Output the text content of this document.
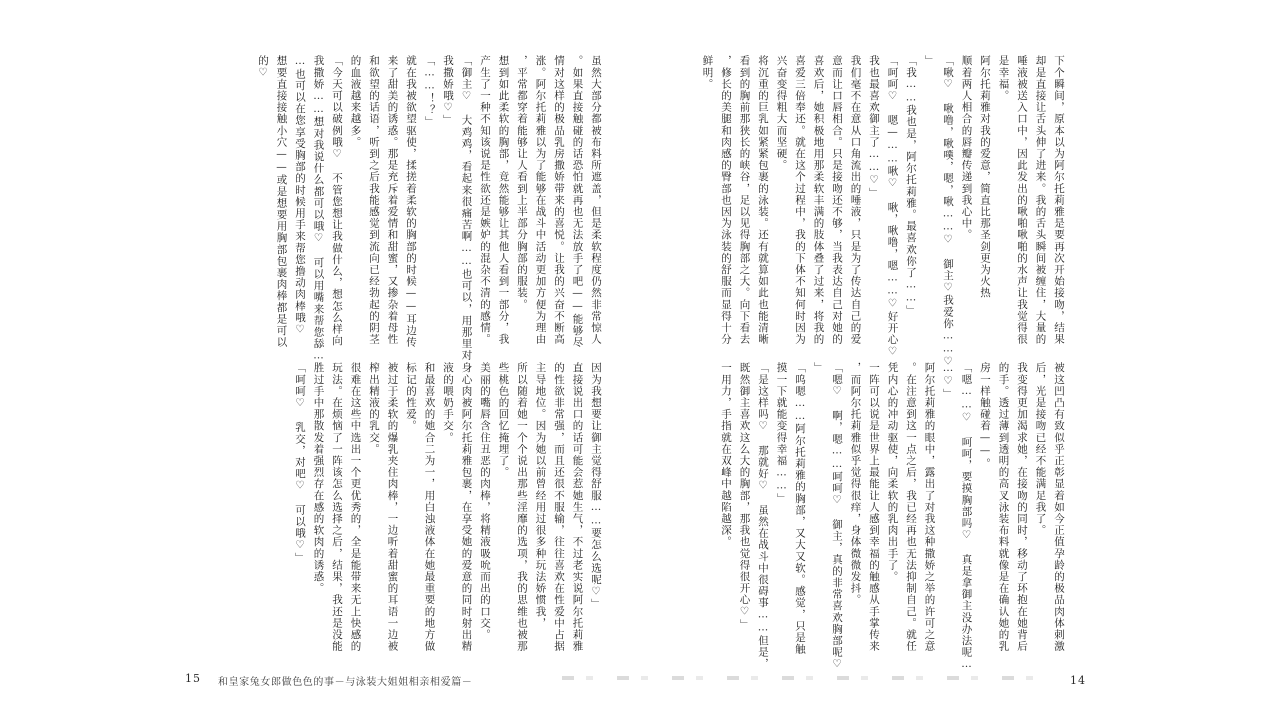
下个瞬间，原本以为阿尔托莉雅是要再次开始接吻，结果
却是直接让舌头伸了进来。我的舌头瞬间被缠住，大量的
唾液被送入口中，因此发出的啾啪啾啪的水声让我觉得很
是幸福。
阿尔托莉雅对我的爱意，简直比那圣剑更为火热
顺着两人相合的唇瓣传递到我心中。
「啾♡　啾噜，啾噗，嗯，啾……♡　御主♡我爱你……♡
」
「我……我也是，阿尔托莉雅。最喜欢你了……」
「呵呵♡　嗯—……啾♡　啾，啾噜，嗯……♡好开心♡
我也最喜欢御主了……♡」
我们毫不在意从口角流出的唾液，只是为了传达自己的爱
意而让口唇相合。只是接吻还不够，当我表达自己对她的
喜欢后，她积极地用那柔软丰满的肢体叠了过来，将我的
喜爱三倍奉还。就在这个过程中，我的下体不知何时因为
兴奋变得粗大而坚硬。
将沉重的巨乳如紧紧包裹的泳装。还有就算如此也能清晰
看到的胸前那狭长的峡谷，足以见得胸部之大。向下看去
，修长的美腿和肉感的臀部也因为泳装的舒服而显得十分
鲜明。
被这凹凸有致似乎正彰显着如今正值孕龄的极品肉体刺激
后，光是接吻已经不能满足我了。
我变得更加渴求她，在接吻的同时，移动了环抱在她背后
的手。透过薄到透明的高叉泳装布料就像是在确认她的乳
房一样触碰着——。
「嗯……♡　呵呵，要摸胸部吗♡　真是拿御主没办法呢…
…♡」
阿尔托莉雅的眼中，露出了对我这种撒娇之举的许可之意
。在注意到这一点之后，我已经再也无法抑制自己。就任
凭内心的冲动驱使，向柔软的乳肉出手了。
一阵可以说是世界上最能让人感到幸福的触感从手掌传来
，而阿尔托莉雅似乎觉得很痒，身体微微发抖。
「嗯♡　啊，嗯……呵呵♡　御主，真的非常喜欢胸部呢♡
」
「呜嗯……阿尔托莉雅的胸部，又大又软。感觉，只是触
摸一下就能变得幸福……」
「是这样吗♡　那就好♡　虽然在战斗中很碍事……但是，
既然御主喜欢这么大的胸部，那我也觉得很开心♡」
一用力，手指就在双峰中越陷越深。
虽然大部分都被布料所遮盖，但是柔软程度仍然非常惊人
。如果直接触碰的话恐怕就再也无法放手了吧——能够尽
情对这样的极品乳房撒娇带来的喜悦。让我的兴奋不断高
涨。阿尔托莉雅以为了能够在战斗中活动更加方便为理由
，平常都穿着能够让人看到上半部分胸部的服装。
想到如此柔软的胸部，竟然能够让其他人看到一部分，我
产生了一种不知该说是性欲还是嫉妒的混杂不清的感情。
「御主♡　大鸡鸡，看起来很痛苦啊……也可以，用那里对
我撒娇哦♡」
「……！？」
就在我被欲望驱使，揉搓着柔软的胸部的时候——耳边传
来了甜美的诱惑。那是充斥着爱情和甜蜜，又掺杂着母性
和欲望的话语，听到之后我能感觉到流向已经勃起的阴茎
的血液越来越多。
「今天可以破例哦♡　不管您想让我做什么，想怎么样向
我撒娇……想对我说什么都可以哦♡　可以用嘴来帮您舔…
…也可以在您享受胸部的时候用手来帮您撸动肉棒哦♡
想要直接接触小穴——或是想要用胸部包裹肉棒都是可以
的♡
因为我想要让御主觉得舒服……要怎么选呢♡」
直接说出口的话可能会惹她生气，不过老实说阿尔托莉雅
的性欲非常强，而且还很不服输，往往喜欢在性爱中占据
主导地位。因为她以前曾经用过很多种玩法娇惯我，
所以随着她一个个说出那些淫靡的选项，我的思维也被那
些桃色的回忆掩埋了。
美丽的嘴唇含住丑恶的肉棒，将精液吸吮而出的口交。
身心肉被阿尔托莉雅包裹，在享受她的爱意的同时射出精
液的喂奶手交。
和最喜欢的她合二为一，用白浊液体在她最重要的地方做
标记的性爱。
被过于柔软的爆乳夹住肉棒，一边听着甜蜜的耳语一边被
榨出精液的乳交。
很难在这些中选出一个更优秀的，全是能带来无上快感的
玩法。在烦恼了一阵该怎么选择之后，结果，我还是没能
胜过手中那散发着强烈存在感的软肉的诱惑。
「呵呵♡　乳交，对吧♡　可以哦♡」
15 和皇家兔女郎做色色的事－与泳装大姐姐相亲相爱篇－	14
